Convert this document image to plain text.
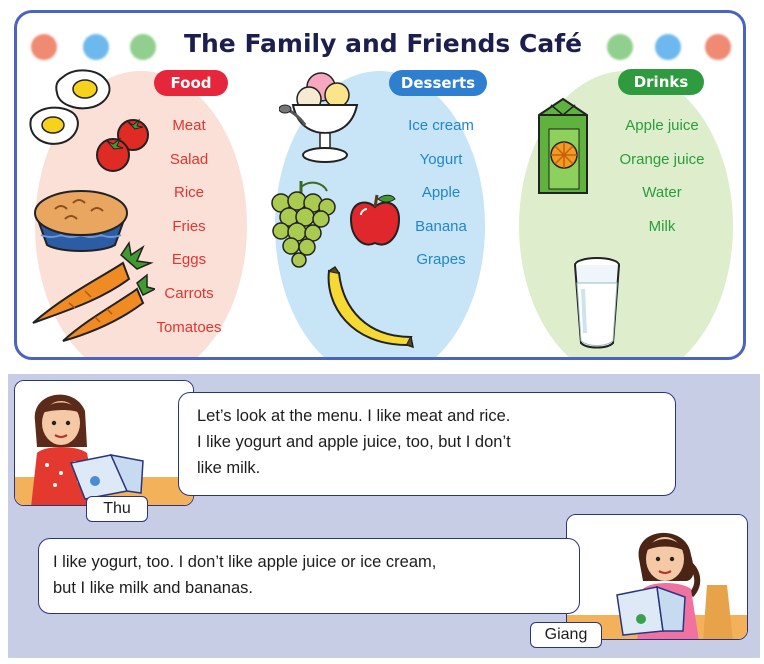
The Family and Friends Café
Food	Desserts	Drinks
Meat
Salad
Rice
Fries
Eggs
Carrots
Tomatoes
Ice cream
Yogurt
Apple
Banana
Grapes
Apple juice
Orange juice
Water
Milk
Let’s look at the menu. I like meat and rice.
I like yogurt and apple juice, too, but I don’t
like milk.
Thu
I like yogurt, too. I don’t like apple juice or ice cream,
but I like milk and bananas.
Giang
